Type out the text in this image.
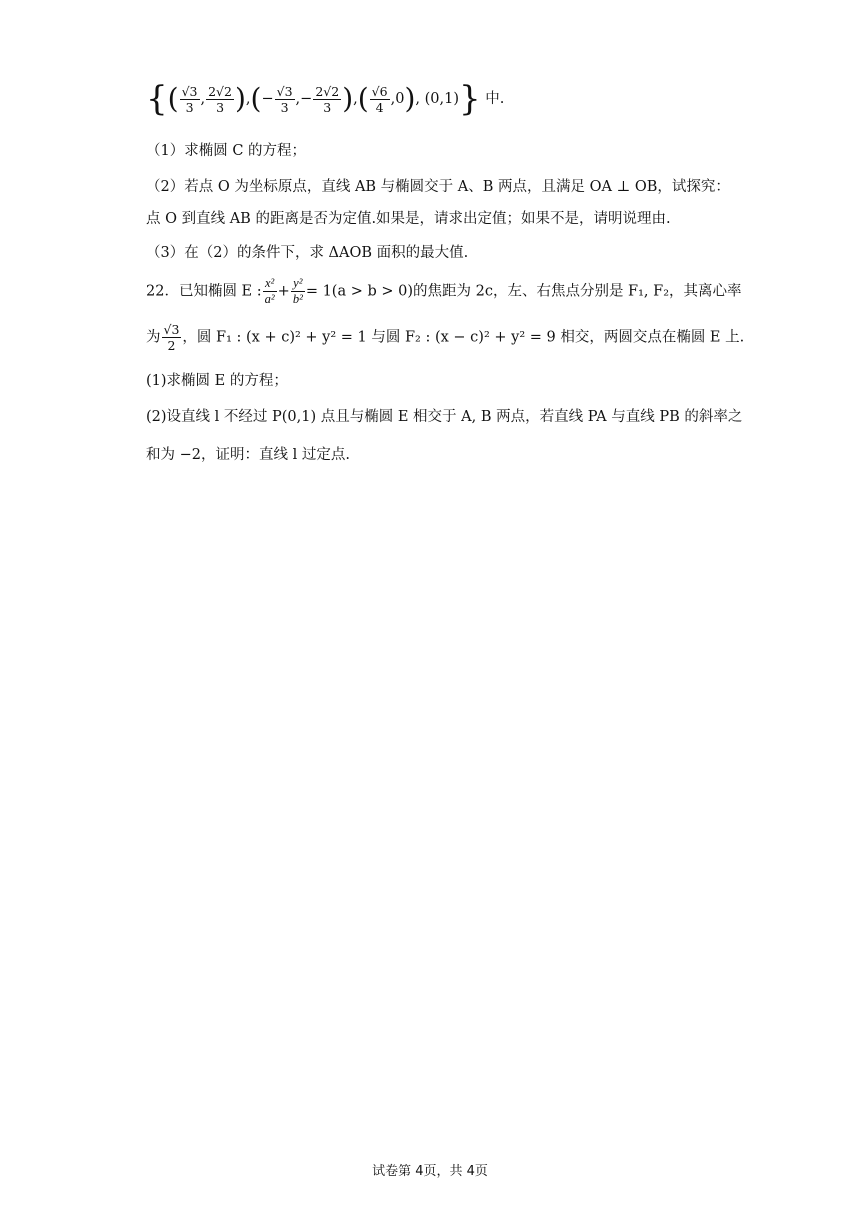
{( $\frac{√3}{3}$ , $\frac{2√2}{3}$ ),(− $\frac{√3}{3}$ ,− $\frac{2√2}{3}$ ),( $\frac{√6}{4} ,0$), (0,1)} 中.
（1）求椭圆 C 的方程；
（2）若点 O 为坐标原点，直线 AB 与椭圆交于 A、B 两点，且满足 OA ⊥ OB，试探究：
点 O 到直线 AB 的距离是否为定值.如果是，请求出定值；如果不是，请明说理由.
（3）在（2）的条件下，求 ΔAOB 面积的最大值.
22．已知椭圆 E : $\frac{\text{x²}}{\text{a²}} + \frac{\text{y²}}{\text{b²}} = 1(a > b > 0)$的焦距为 2c，左、右焦点分别是 F₁, F₂，其离心率
为 $\frac{√3}{2}$ ，圆 F₁ : (x + c)² + y² = 1 与圆 F₂ : (x − c)² + y² = 9 相交，两圆交点在椭圆 E 上.
(1)求椭圆 E 的方程；
(2)设直线 l 不经过 P(0,1) 点且与椭圆 E 相交于 A, B 两点，若直线 PA 与直线 PB 的斜率之
和为 −2，证明：直线 l 过定点.
试卷第 4页，共 4页
